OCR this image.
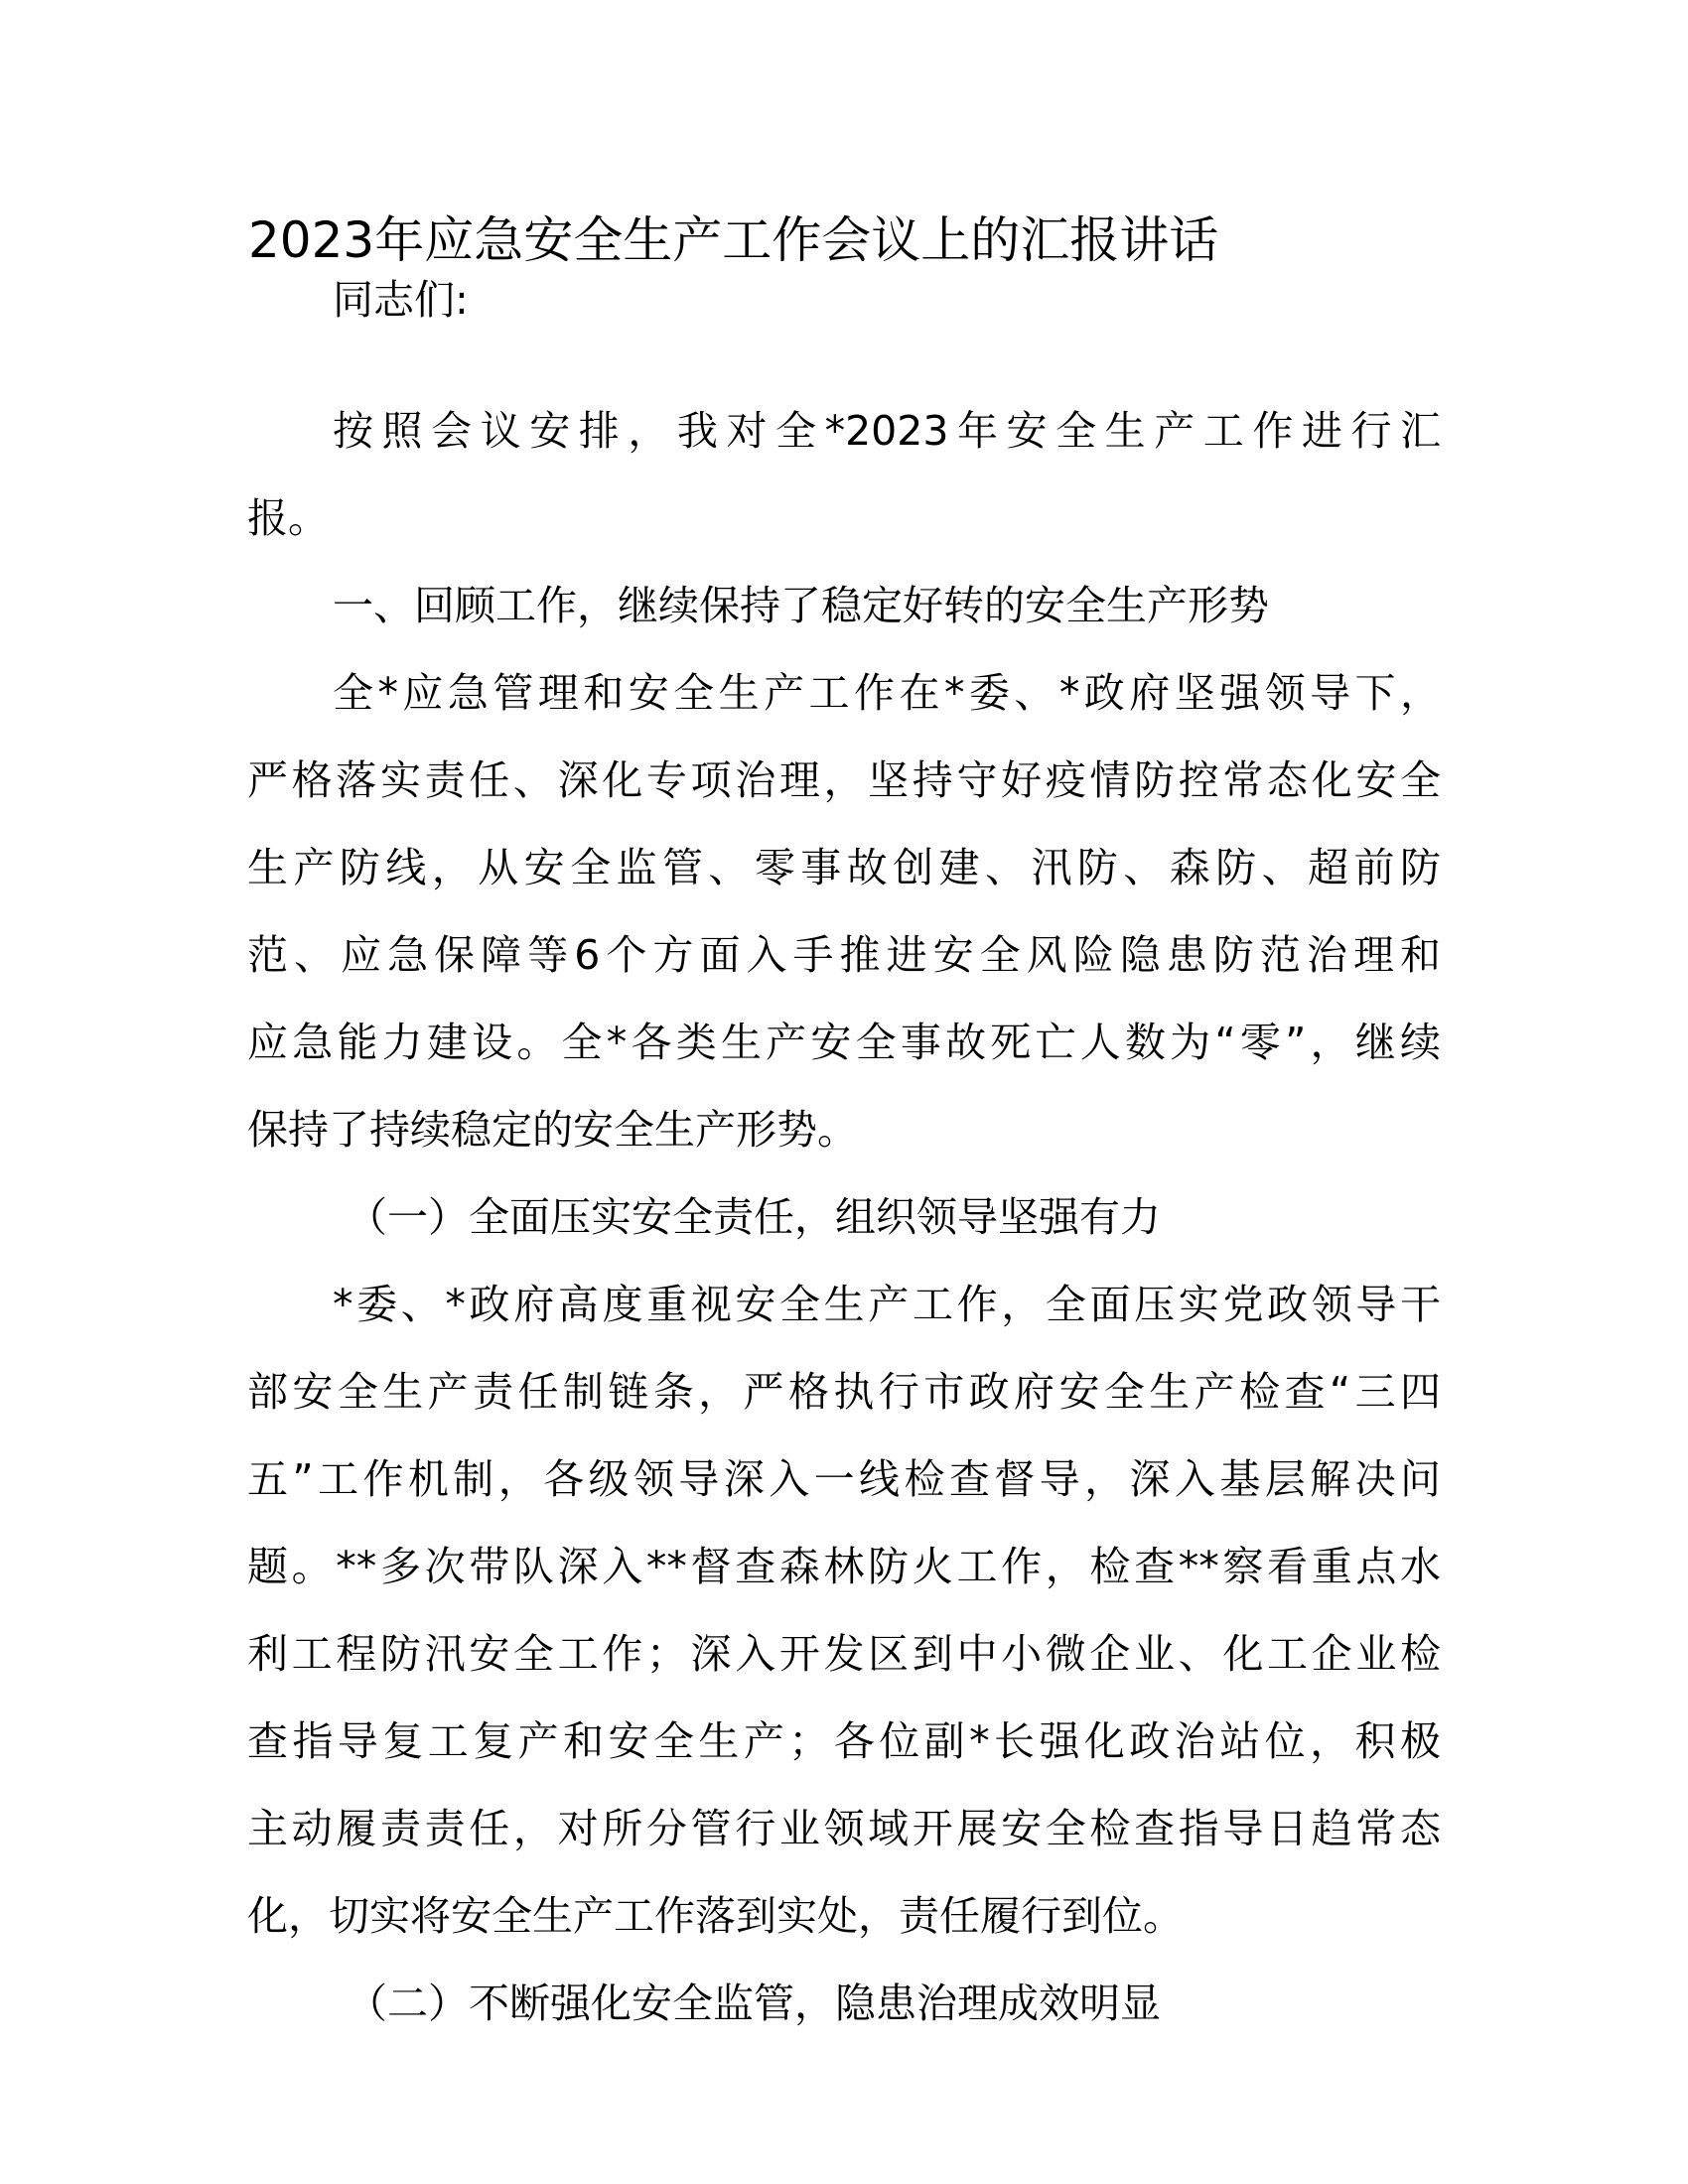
2023年应急安全生产工作会议上的汇报讲话
同志们:
按照会议安排，我对全*2023年安全生产工作进行汇
报。
一、回顾工作，继续保持了稳定好转的安全生产形势
全*应急管理和安全生产工作在*委、*政府坚强领导下，
严格落实责任、深化专项治理，坚持守好疫情防控常态化安全
生产防线，从安全监管、零事故创建、汛防、森防、超前防
范、应急保障等6个方面入手推进安全风险隐患防范治理和
应急能力建设。全*各类生产安全事故死亡人数为“零”，继续
保持了持续稳定的安全生产形势。
（一）全面压实安全责任，组织领导坚强有力
*委、*政府高度重视安全生产工作，全面压实党政领导干
部安全生产责任制链条，严格执行市政府安全生产检查“三四
五”工作机制，各级领导深入一线检查督导，深入基层解决问
题。**多次带队深入**督查森林防火工作，检查**察看重点水
利工程防汛安全工作；深入开发区到中小微企业、化工企业检
查指导复工复产和安全生产；各位副*长强化政治站位，积极
主动履责责任，对所分管行业领域开展安全检查指导日趋常态
化，切实将安全生产工作落到实处，责任履行到位。
（二）不断强化安全监管，隐患治理成效明显
